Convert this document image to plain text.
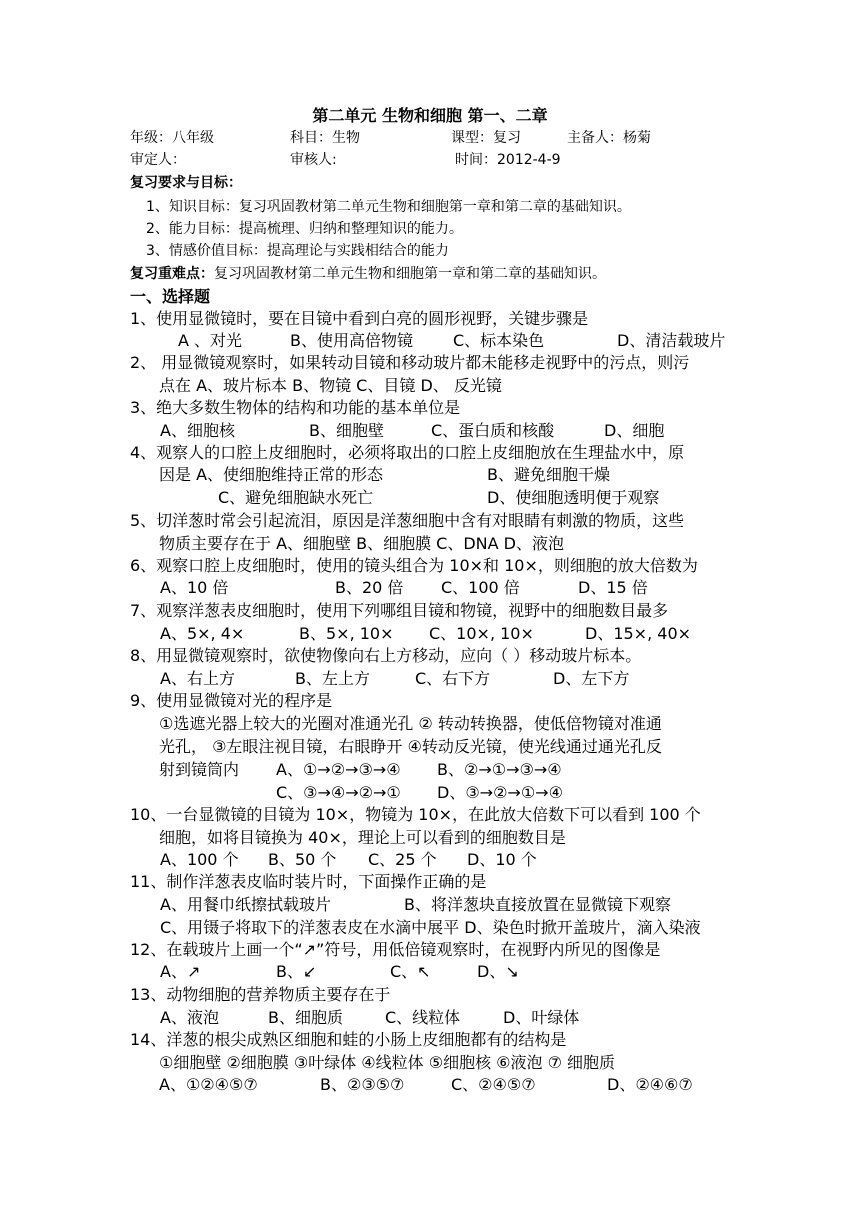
第二单元 生物和细胞 第一、二章
年级：八年级	科目：生物	课型：复习	主备人：杨菊
审定人：	审核人:	时间：2012-4-9
复习要求与目标：
1、知识目标：复习巩固教材第二单元生物和细胞第一章和第二章的基础知识。
2、能力目标：提高梳理、归纳和整理知识的能力。
3、情感价值目标：提高理论与实践相结合的能力
复习重难点：复习巩固教材第二单元生物和细胞第一章和第二章的基础知识。
一、选择题
1、使用显微镜时，要在目镜中看到白亮的圆形视野，关键步骤是
A 、对光	B、使用高倍物镜	C、标本染色	D、清洁载玻片
2、 用显微镜观察时，如果转动目镜和移动玻片都未能移走视野中的污点，则污
点在 A、玻片标本 B、物镜 C、目镜 D、 反光镜
3、绝大多数生物体的结构和功能的基本单位是
A、细胞核	B、细胞壁	C、蛋白质和核酸	D、细胞
4、观察人的口腔上皮细胞时，必须将取出的口腔上皮细胞放在生理盐水中，原
因是 A、使细胞维持正常的形态	B、避免细胞干燥
C、避免细胞缺水死亡	D、使细胞透明便于观察
5、切洋葱时常会引起流泪，原因是洋葱细胞中含有对眼睛有刺激的物质，这些
物质主要存在于 A、细胞壁 B、细胞膜 C、DNA D、液泡
6、观察口腔上皮细胞时，使用的镜头组合为 10×和 10×，则细胞的放大倍数为
A、10 倍	B、20 倍 C、100 倍	D、15 倍
7、观察洋葱表皮细胞时，使用下列哪组目镜和物镜，视野中的细胞数目最多
A、5×, 4×	B、5×, 10× C、10×, 10×	D、15×, 40×
8、用显微镜观察时，欲使物像向右上方移动，应向（ ）移动玻片标本。
A、右上方	B、左上方	C、右下方	D、左下方
9、使用显微镜对光的程序是
①选遮光器上较大的光圈对准通光孔 ② 转动转换器，使低倍物镜对准通
光孔， ③左眼注视目镜，右眼睁开 ④转动反光镜，使光线通过通光孔反
射到镜筒内 A、①→②→③→④ B、②→①→③→④
C、③→④→②→① D、③→②→①→④
10、一台显微镜的目镜为 10×，物镜为 10×，在此放大倍数下可以看到 100 个
细胞，如将目镜换为 40×，理论上可以看到的细胞数目是
A、100 个 B、50 个 C、25 个 D、10 个
11、制作洋葱表皮临时装片时，下面操作正确的是
A、用餐巾纸擦拭载玻片	B、将洋葱块直接放置在显微镜下观察
C、用镊子将取下的洋葱表皮在水滴中展平 D、染色时掀开盖玻片，滴入染液
12、在载玻片上画一个“↗”符号，用低倍镜观察时，在视野内所见的图像是
A、↗	B、↙	C、↖	D、↘
13、动物细胞的营养物质主要存在于
A、液泡	B、细胞质	C、线粒体	D、叶绿体
14、洋葱的根尖成熟区细胞和蛙的小肠上皮细胞都有的结构是
①细胞壁 ②细胞膜 ③叶绿体 ④线粒体 ⑤细胞核 ⑥液泡 ⑦ 细胞质
A、①②④⑤⑦	B、②③⑤⑦	C、②④⑤⑦	D、②④⑥⑦
